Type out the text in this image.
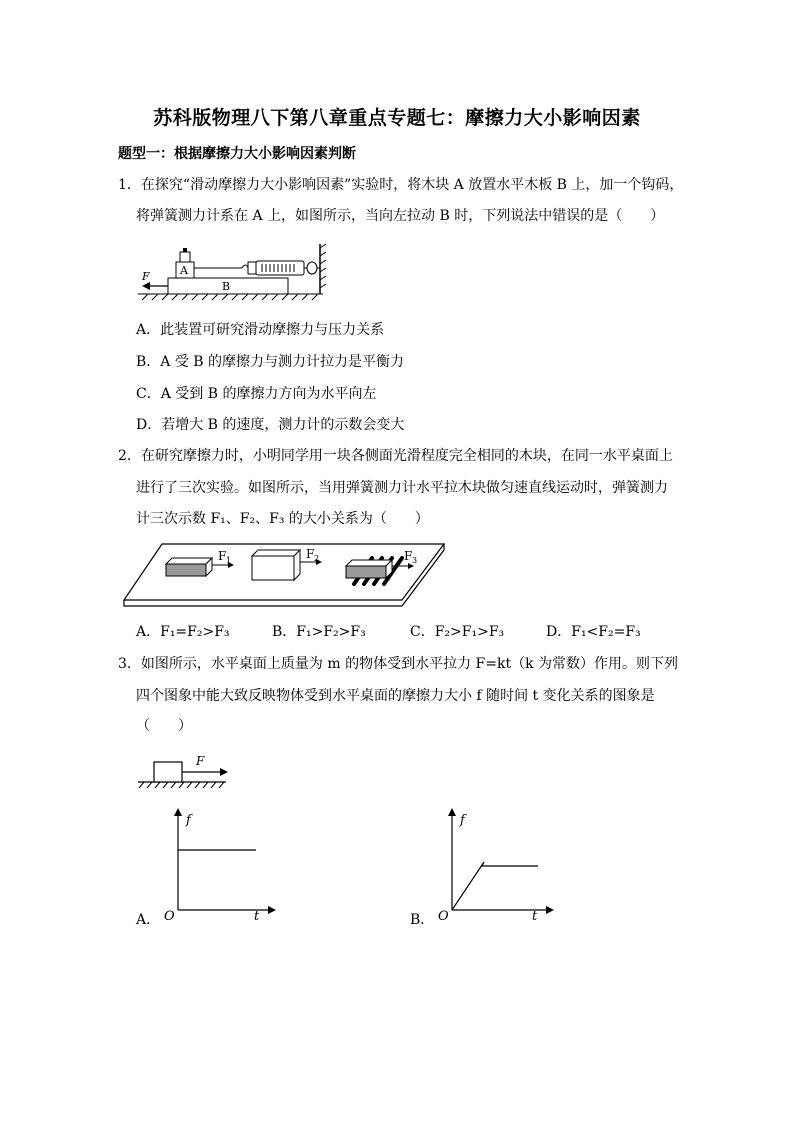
苏科版物理八下第八章重点专题七：摩擦力大小影响因素
题型一：根据摩擦力大小影响因素判断
1．在探究“滑动摩擦力大小影响因素”实验时，将木块 A 放置水平木板 B 上，加一个钩码，
将弹簧测力计系在 A 上，如图所示，当向左拉动 B 时，下列说法中错误的是（　　）
B
A
F
A．此装置可研究滑动摩擦力与压力关系
B．A 受 B 的摩擦力与测力计拉力是平衡力
C．A 受到 B 的摩擦力方向为水平向左
D．若增大 B 的速度，测力计的示数会变大
2．在研究摩擦力时，小明同学用一块各侧面光滑程度完全相同的木块，在同一水平桌面上
进行了三次实验。如图所示，当用弹簧测力计水平拉木块做匀速直线运动时，弹簧测力
计三次示数 F₁、F₂、F₃ 的大小关系为（　　）
F 1	F 2	F 3
A．F₁=F₂>F₃	B．F₁>F₂>F₃	C．F₂>F₁>F₃	D．F₁<F₂=F₃
3．如图所示，水平桌面上质量为 m 的物体受到水平拉力 F=kt（k 为常数）作用。则下列
四个图象中能大致反映物体受到水平桌面的摩擦力大小 f 随时间 t 变化关系的图象是
（　　）
F
A．
f
t
O	B．
f
t
O
